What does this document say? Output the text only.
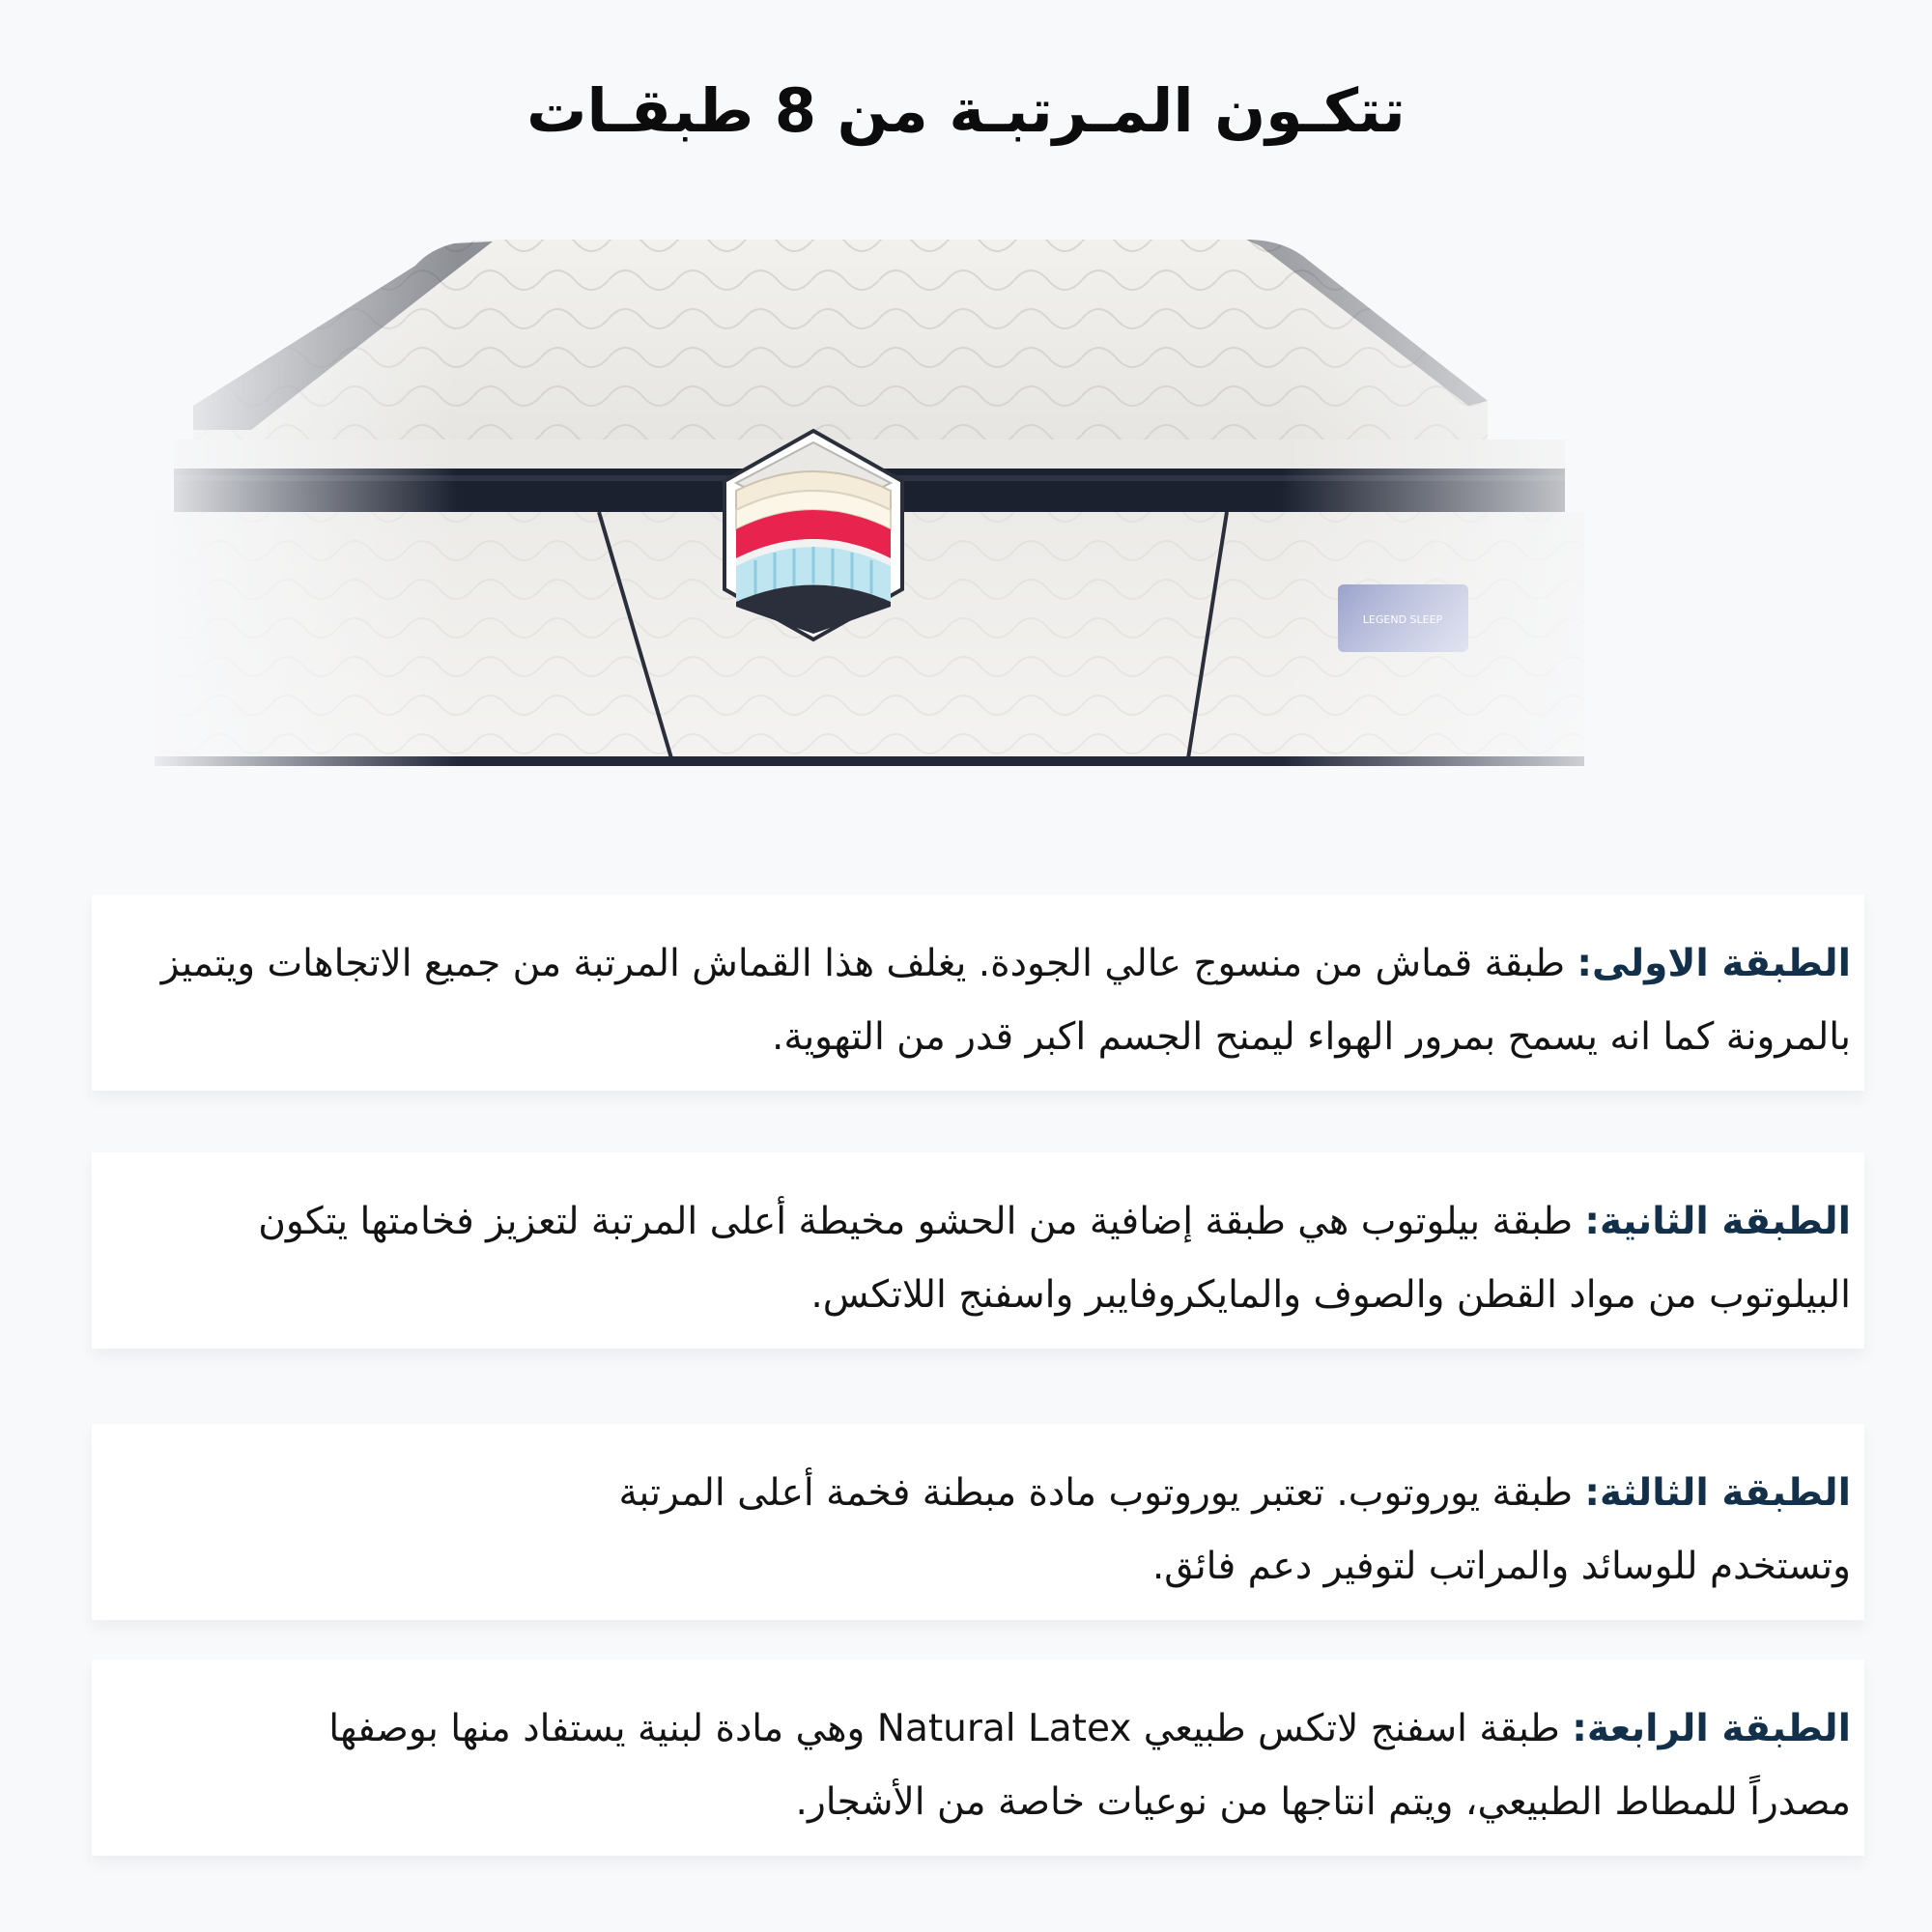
تتكـون المـرتبـة من 8 طبقـات

الطبقة الاولى: طبقة قماش من منسوج عالي الجودة. يغلف هذا القماش المرتبة من جميع الاتجاهات ويتميز بالمرونة كما انه يسمح بمرور الهواء ليمنح الجسم اكبر قدر من التهوية.

الطبقة الثانية: طبقة بيلوتوب هي طبقة إضافية من الحشو مخيطة أعلى المرتبة لتعزيز فخامتها يتكون البيلوتوب من مواد القطن والصوف والمايكروفايبر واسفنج اللاتكس.

الطبقة الثالثة: طبقة يوروتوب. تعتبر يوروتوب مادة مبطنة فخمة أعلى المرتبة وتستخدم للوسائد والمراتب لتوفير دعم فائق.

الطبقة الرابعة: طبقة اسفنج لاتكس طبيعي Natural Latex وهي مادة لبنية يستفاد منها بوصفها مصدراً للمطاط الطبيعي، ويتم انتاجها من نوعيات خاصة من الأشجار.
